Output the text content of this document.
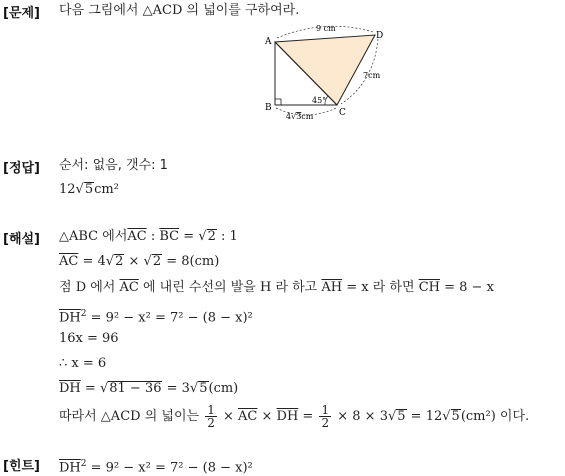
[문제] 다음 그림에서 △ACD 의 넓이를 구하여라.
A
B	C
D
9 cm
7cm
45°
4√3cm
[정답] 순서: 없음, 갯수: 1
12√5cm²
[해설] △ABC 에서$\overline{AC}$ : $\overline{BC} = √2$ : 1
$\overline{AC} = 4√2 \times √2 = 8(cm)$
점 D 에서 $\overline{AC}$ 에 내린 수선의 발을 H 라 하고 $\overline{AH} = x$ 라 하면 $\overline{CH} = 8 - x$
$\overline{DH}^2 = 9^2 - x^2 = 7^2 - (8 - x)^2$
16x = 96
∴ x = 6
$\overline{DH} = √81 - 36 = 3√5(cm)$
따라서 △ACD 의 넓이는 $\frac{1}{2} \times \overline{AC} \times \overline{DH} = \frac{1}{2} \times 8 \times 3√5 = 12√5(cm^2)$ 이다.
[힌트] $\overline{DH}^2 = 9^2 - x^2 = 7^2 - (8 - x)^2$
